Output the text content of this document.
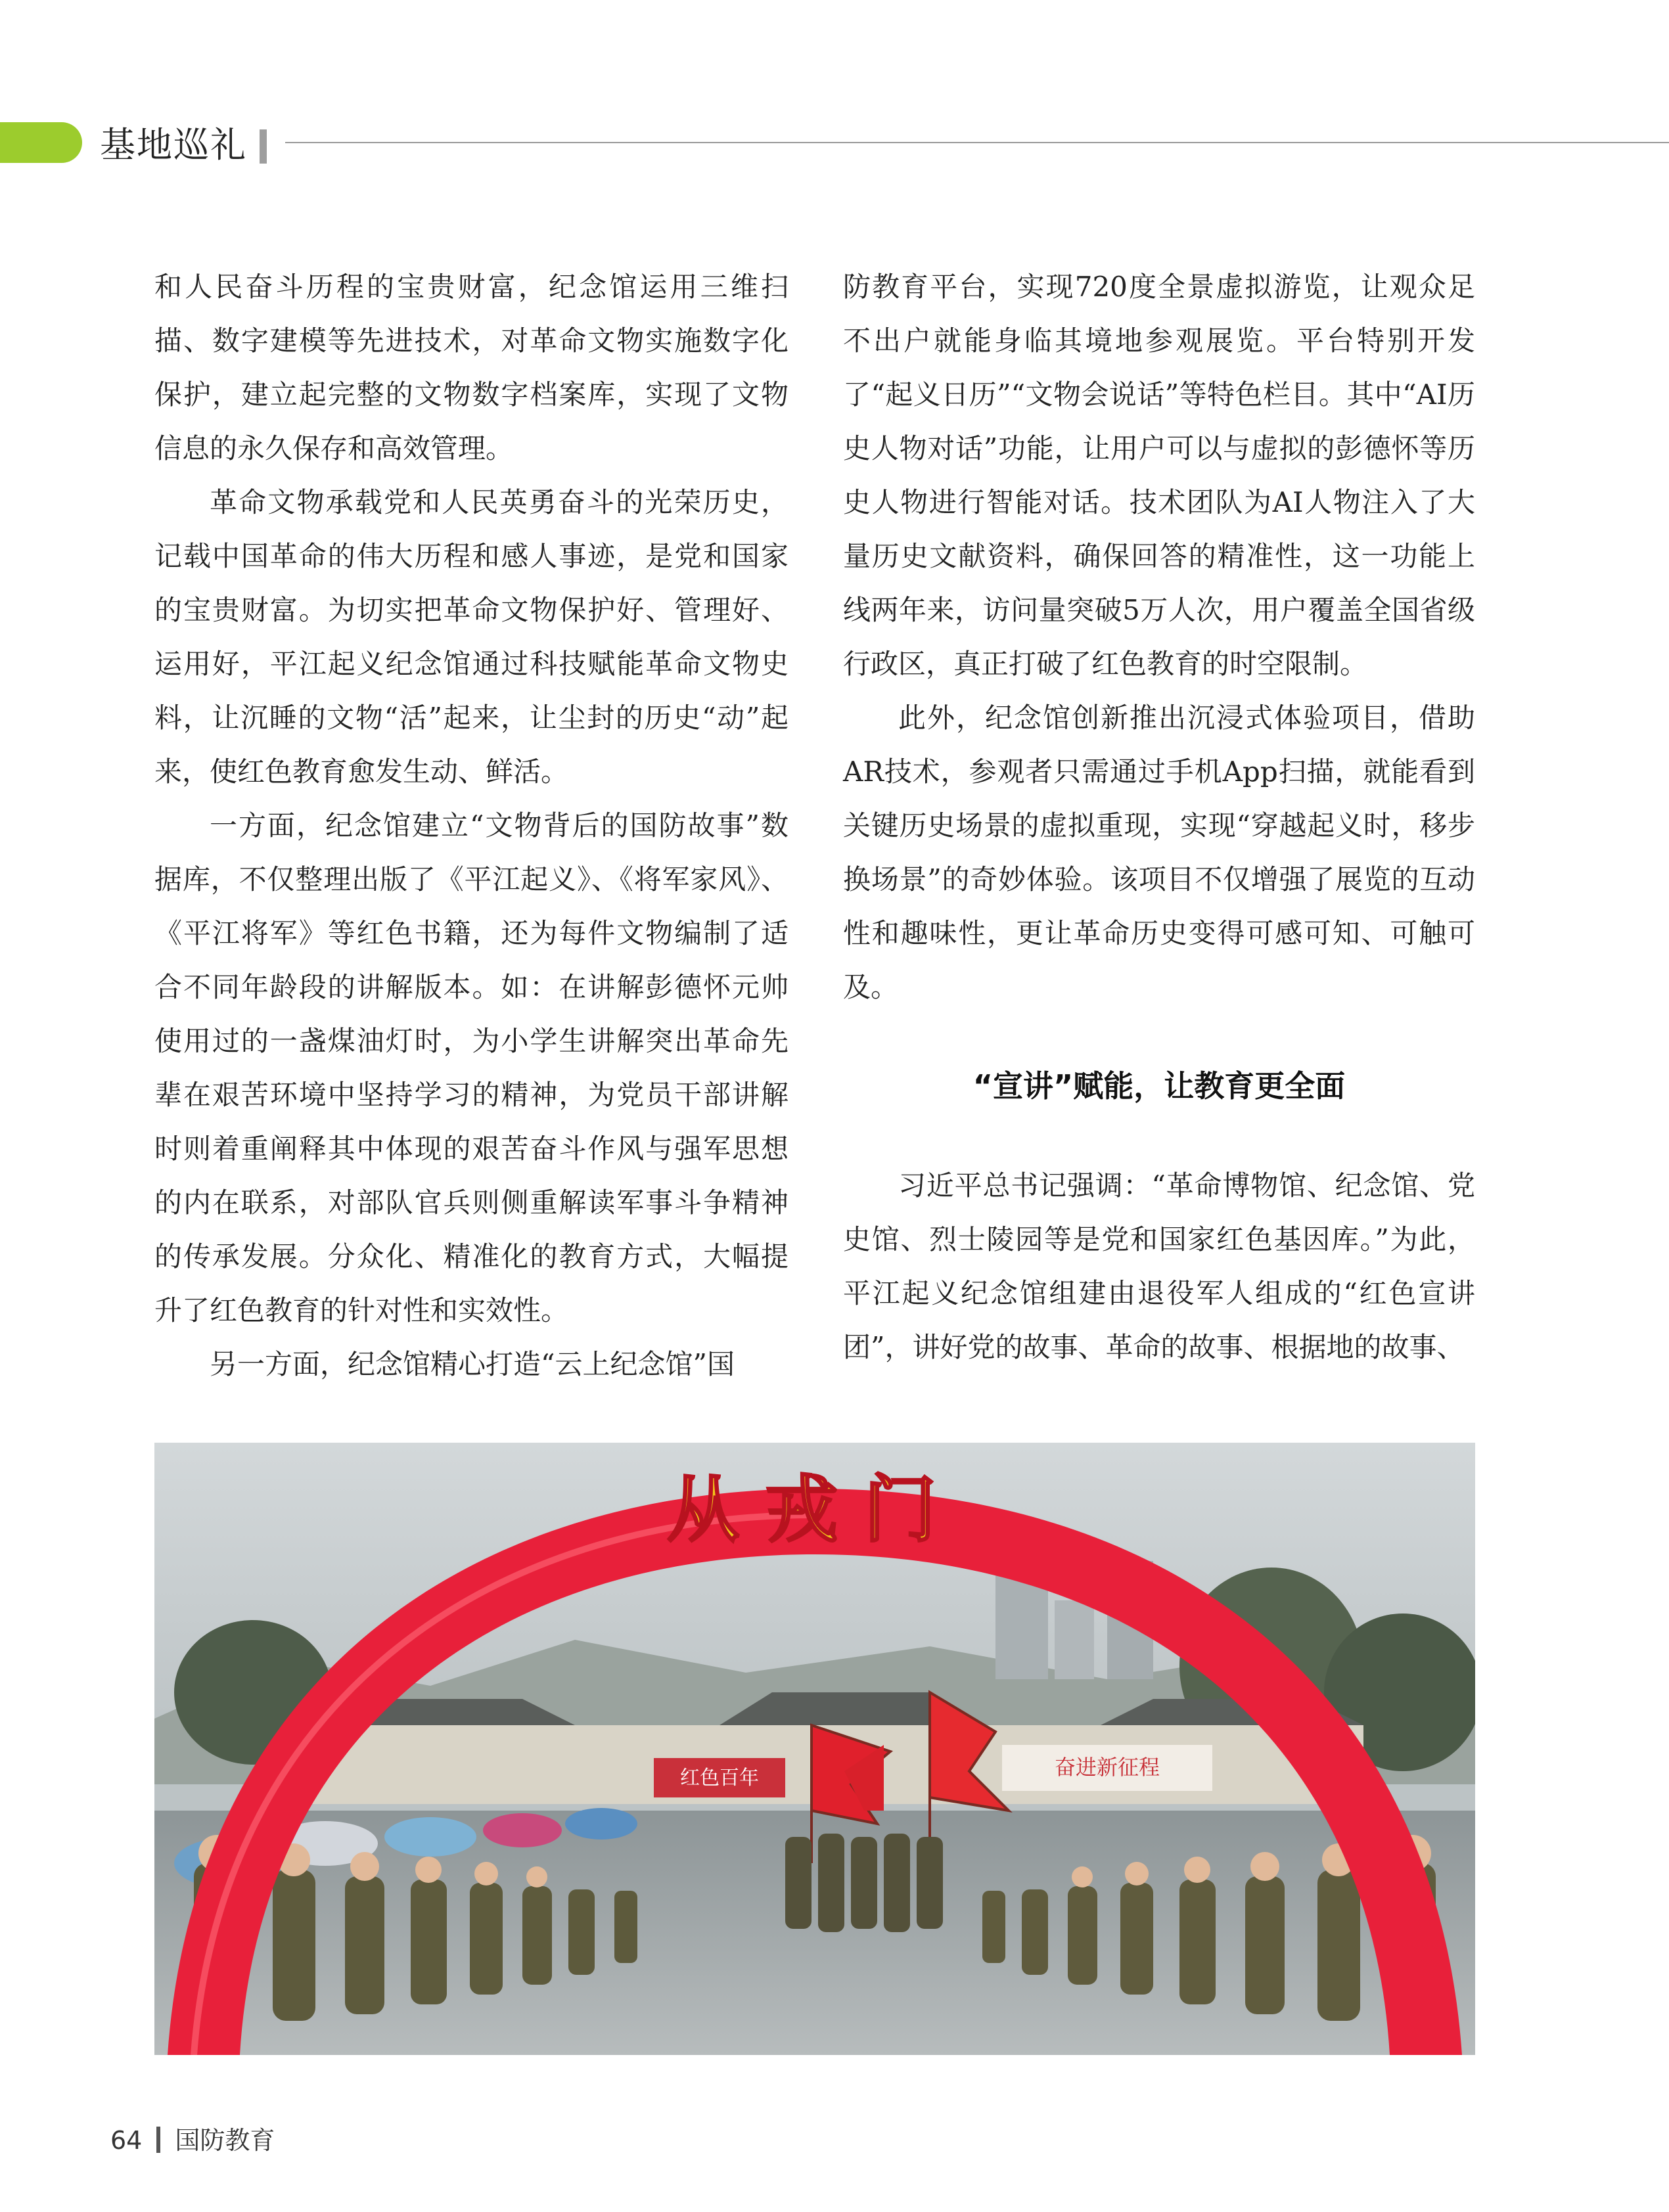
基地巡礼

和人民奋斗历程的宝贵财富，纪念馆运用三维扫描、数字建模等先进技术，对革命文物实施数字化保护，建立起完整的文物数字档案库，实现了文物信息的永久保存和高效管理。

革命文物承载党和人民英勇奋斗的光荣历史，记载中国革命的伟大历程和感人事迹，是党和国家的宝贵财富。为切实把革命文物保护好、管理好、运用好，平江起义纪念馆通过科技赋能革命文物史料，让沉睡的文物“活”起来，让尘封的历史“动”起来，使红色教育愈发生动、鲜活。

一方面，纪念馆建立“文物背后的国防故事”数据库，不仅整理出版了《平江起义》、《将军家风》、《平江将军》等红色书籍，还为每件文物编制了适合不同年龄段的讲解版本。如：在讲解彭德怀元帅使用过的一盏煤油灯时，为小学生讲解突出革命先辈在艰苦环境中坚持学习的精神，为党员干部讲解时则着重阐释其中体现的艰苦奋斗作风与强军思想的内在联系，对部队官兵则侧重解读军事斗争精神的传承发展。分众化、精准化的教育方式，大幅提升了红色教育的针对性和实效性。

另一方面，纪念馆精心打造“云上纪念馆”国

防教育平台，实现720度全景虚拟游览，让观众足不出户就能身临其境地参观展览。平台特别开发了“起义日历”“文物会说话”等特色栏目。其中“AI历史人物对话”功能，让用户可以与虚拟的彭德怀等历史人物进行智能对话。技术团队为AI人物注入了大量历史文献资料，确保回答的精准性，这一功能上线两年来，访问量突破5万人次，用户覆盖全国省级行政区，真正打破了红色教育的时空限制。

此外，纪念馆创新推出沉浸式体验项目，借助AR技术，参观者只需通过手机App扫描，就能看到关键历史场景的虚拟重现，实现“穿越起义时，移步换场景”的奇妙体验。该项目不仅增强了展览的互动性和趣味性，更让革命历史变得可感可知、可触可及。

“宣讲”赋能，让教育更全面

习近平总书记强调：“革命博物馆、纪念馆、党史馆、烈士陵园等是党和国家红色基因库。”为此，平江起义纪念馆组建由退役军人组成的“红色宣讲团”，讲好党的故事、革命的故事、根据地的故事、

红色百年	奋进新征程
从戎门
64 国防教育
